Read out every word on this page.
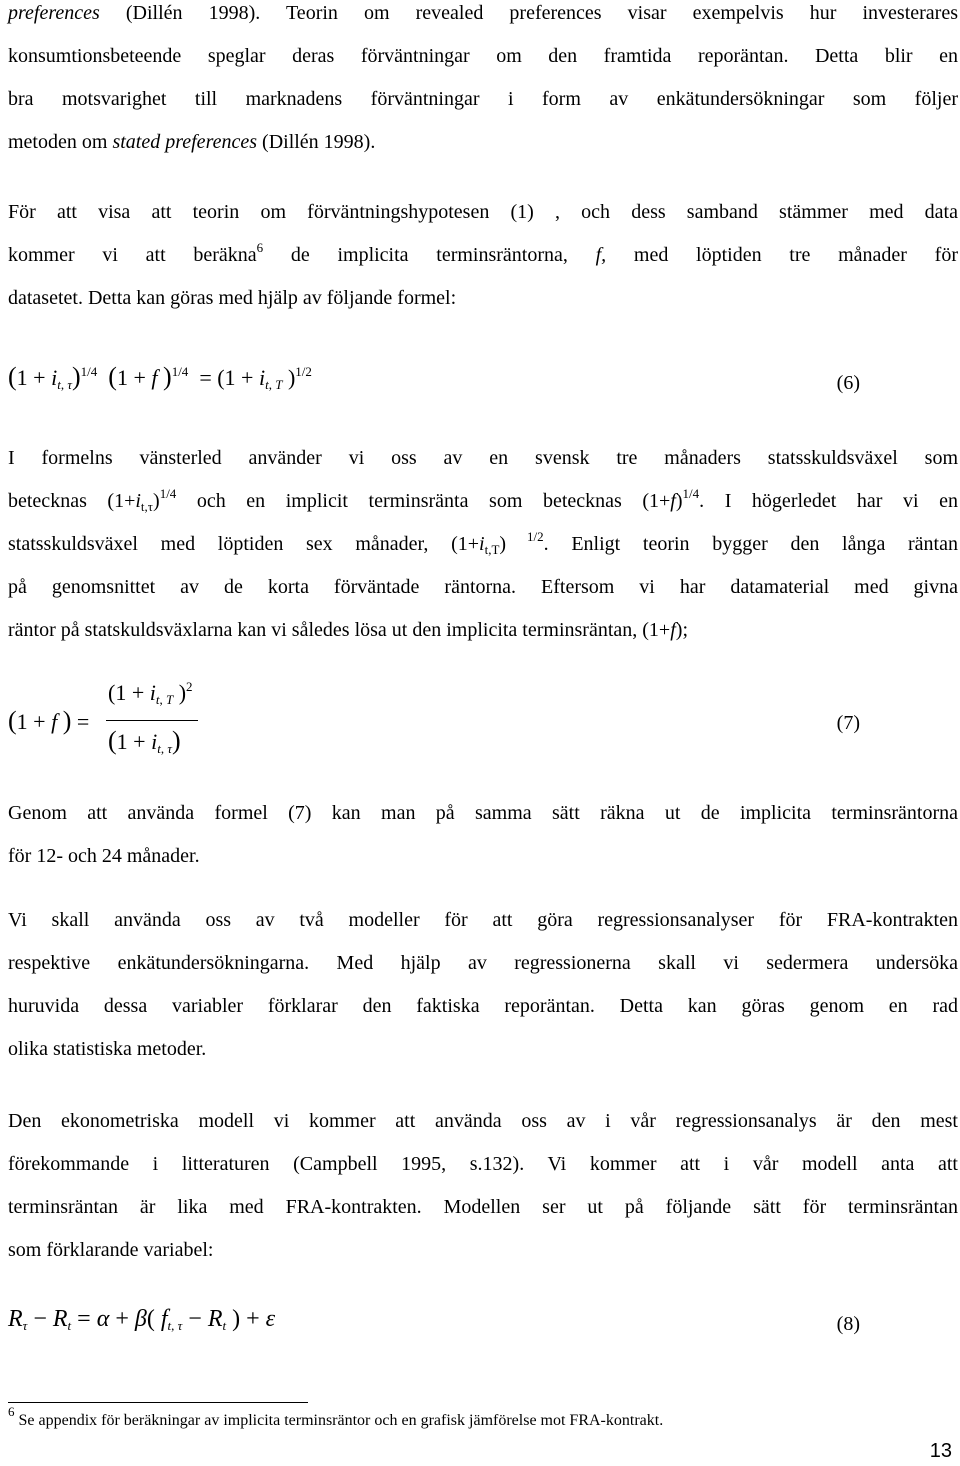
preferences (Dillén 1998). Teorin om revealed preferences visar exempelvis hur investerares
konsumtionsbeteende speglar deras förväntningar om den framtida reporäntan. Detta blir en
bra motsvarighet till marknadens förväntningar i form av enkätundersökningar som följer
metoden om stated preferences (Dillén 1998).
För att visa att teorin om förväntningshypotesen (1) , och dess samband stämmer med data
kommer vi att beräkna$^6$ de implicita terminsräntorna, f, med löptiden tre månader för
datasetet. Detta kan göras med hjälp av följande formel:
$(1 + i_{t, \tau})^{1/4}$ (1 + f )$^{1/4} = (1 + i_{t, T}$ )$^{1/2}$
(6)
I formelns vänsterled använder vi oss av en svensk tre månaders statsskuldsväxel som
betecknas $(1+i_{t,\tau})^{1/4}$ och en implicit terminsränta som betecknas $(1+f)^{1/4}$. I högerledet har vi en
statsskuldsväxel med löptiden sex månader, $(1+i_{t,T})$ $^{1/2}$. Enligt teorin bygger den långa räntan
på genomsnittet av de korta förväntade räntorna. Eftersom vi har datamaterial med givna
räntor på statskuldsväxlarna kan vi således lösa ut den implicita terminsräntan, (1+f);
(1 + f ) =
($1 + i_{t, T}$ )$^2$
$(1 + i_{t, \tau})$
(7)
Genom att använda formel (7) kan man på samma sätt räkna ut de implicita terminsräntorna
för 12- och 24 månader.
Vi skall använda oss av två modeller för att göra regressionsanalyser för FRA-kontrakten
respektive enkätundersökningarna. Med hjälp av regressionerna skall vi sedermera undersöka
huruvida dessa variabler förklarar den faktiska reporäntan. Detta kan göras genom en rad
olika statistiska metoder.
Den ekonometriska modell vi kommer att använda oss av i vår regressionsanalys är den mest
förekommande i litteraturen (Campbell 1995, s.132). Vi kommer att i vår modell anta att
terminsräntan är lika med FRA-kontrakten. Modellen ser ut på följande sätt för terminsräntan
som förklarande variabel:
$R_\tau - R_t = \alpha + \beta$( $f_{t, \tau} - R_t$ ) + ε	(8)
$^6$ Se appendix för beräkningar av implicita terminsräntor och en grafisk jämförelse mot FRA-kontrakt.
13
